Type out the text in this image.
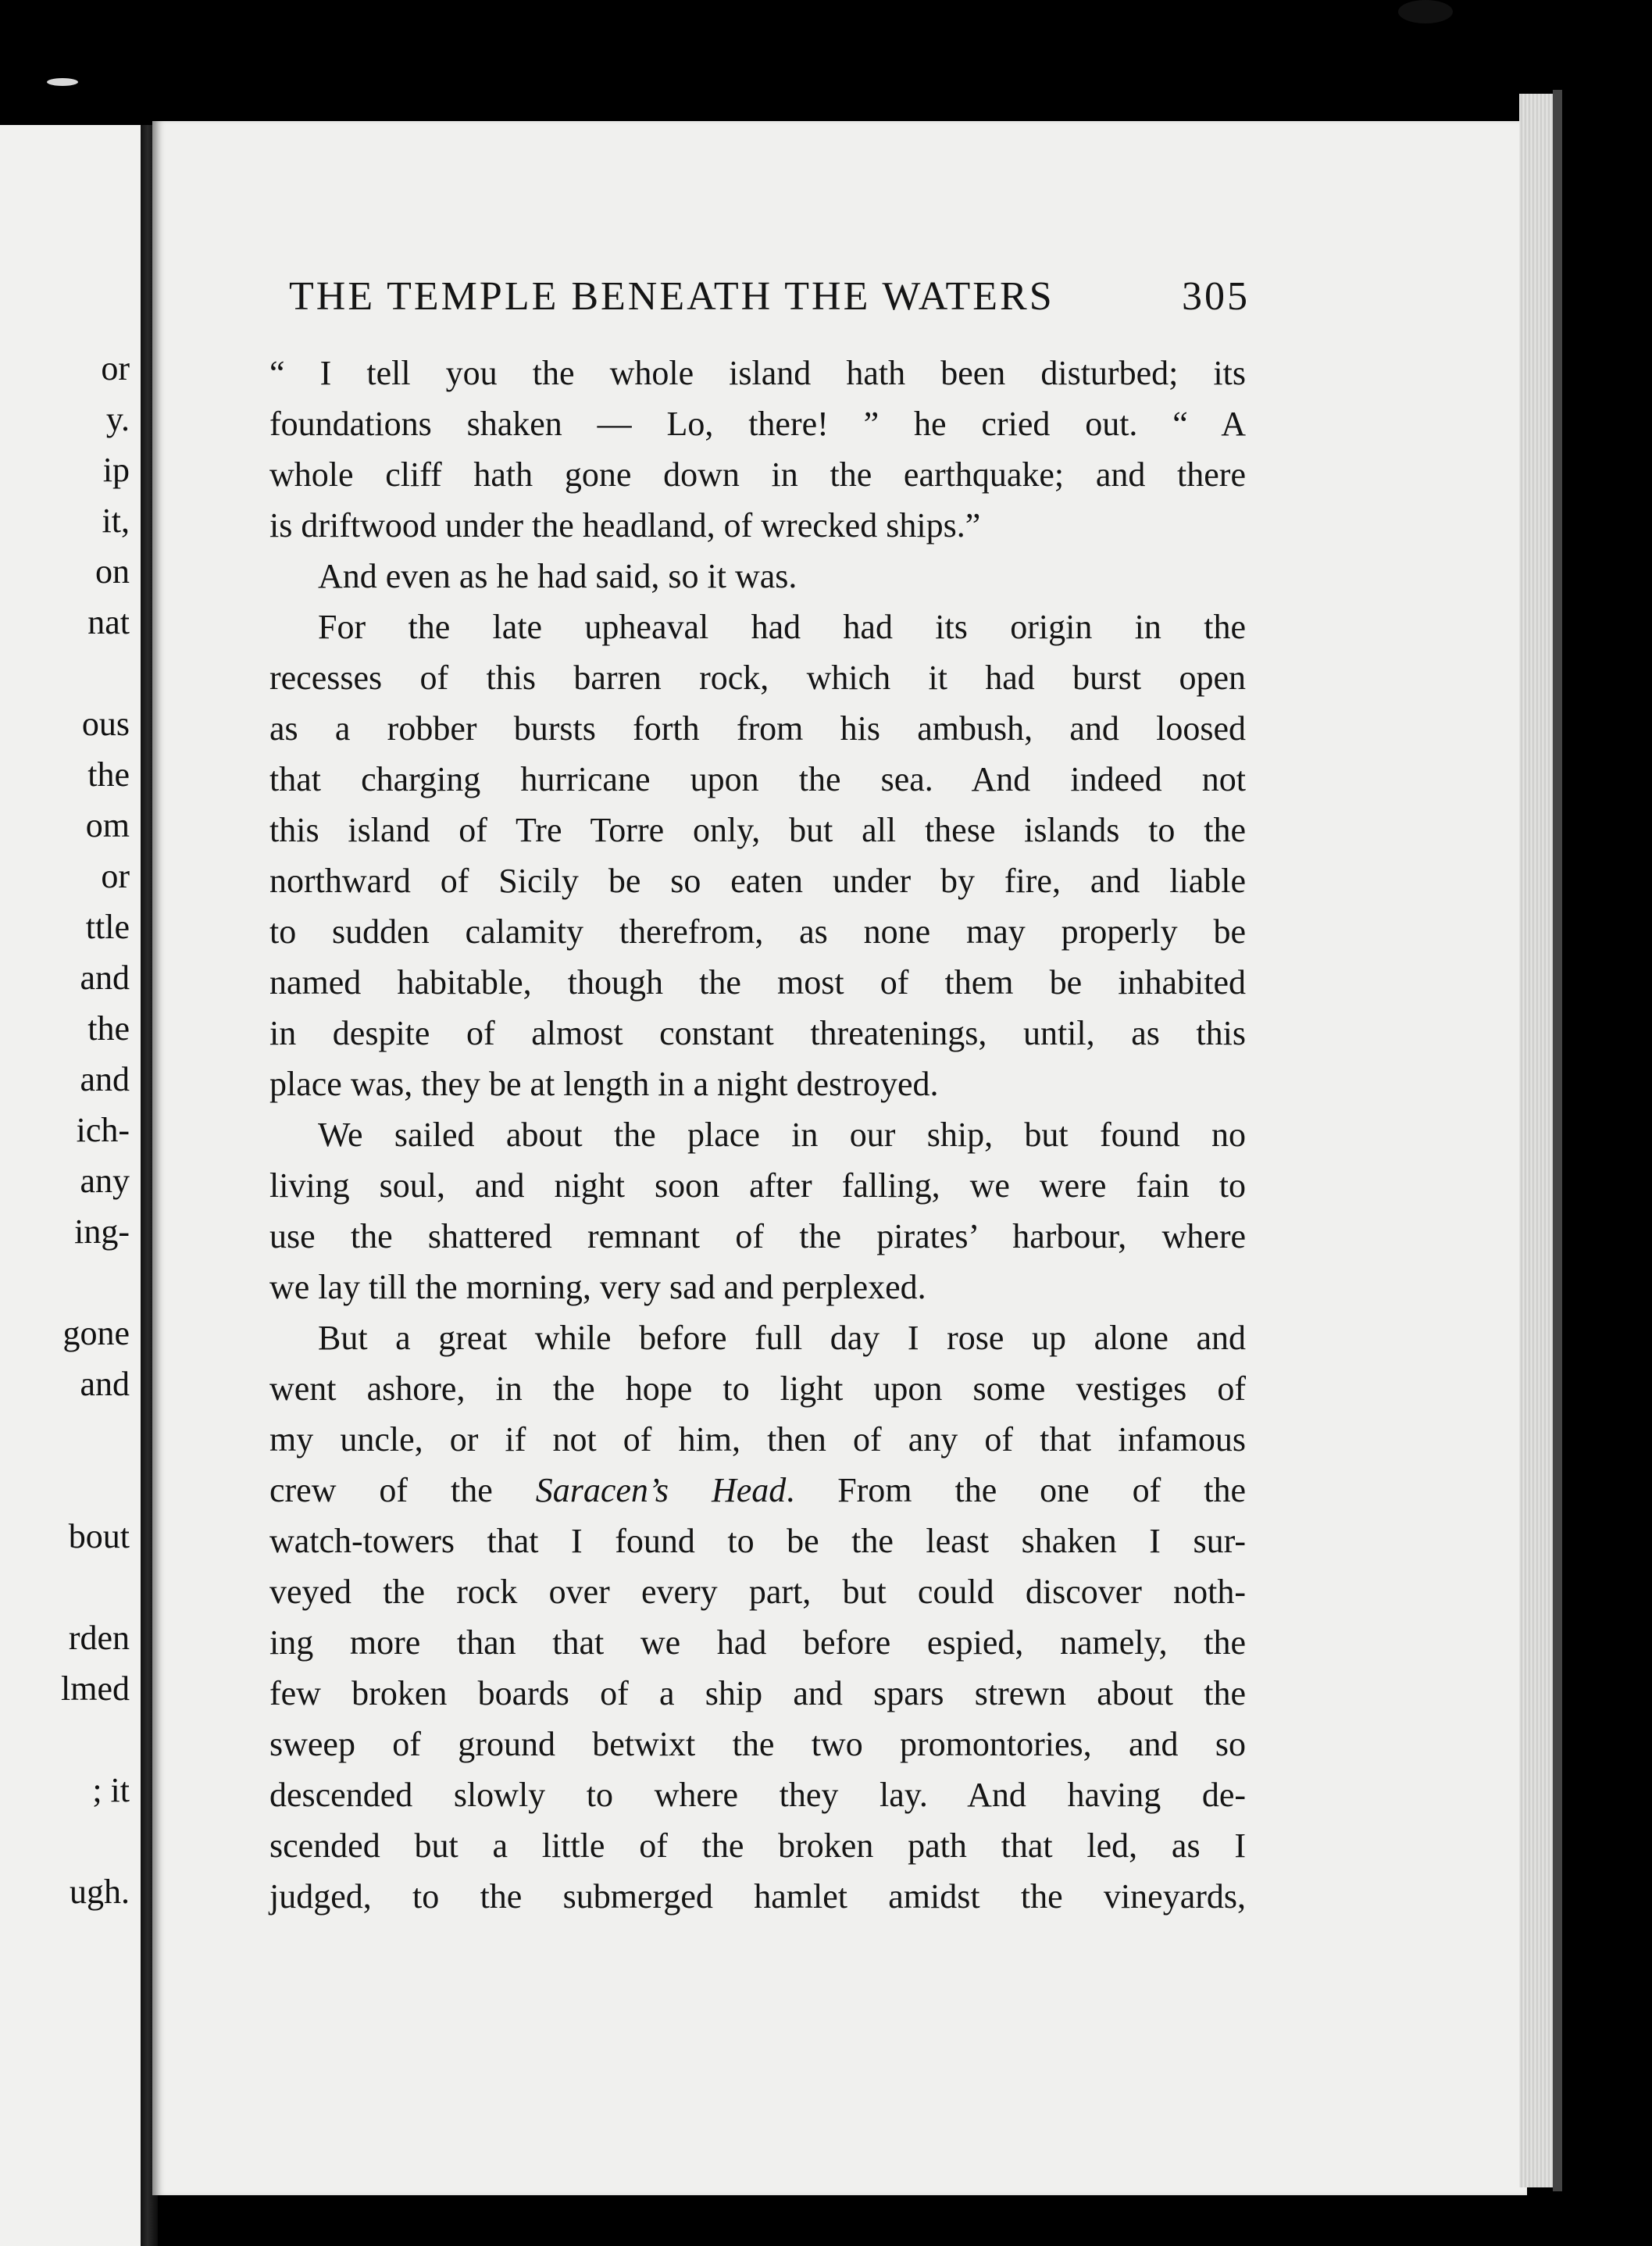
or
y.
ip
it,
on
nat
ous
the
om
or
ttle
and
the
and
ich-
any
ing-
gone
and
bout
rden
lmed
; it
ugh.
THE TEMPLE BENEATH THE WATERS	305
“ I tell you the whole island hath been disturbed; its
foundations shaken — Lo, there! ” he cried out. “ A
whole cliff hath gone down in the earthquake; and there
is driftwood under the headland, of wrecked ships.”
And even as he had said, so it was.
For the late upheaval had had its origin in the
recesses of this barren rock, which it had burst open
as a robber bursts forth from his ambush, and loosed
that charging hurricane upon the sea. And indeed not
this island of Tre Torre only, but all these islands to the
northward of Sicily be so eaten under by fire, and liable
to sudden calamity therefrom, as none may properly be
named habitable, though the most of them be inhabited
in despite of almost constant threatenings, until, as this
place was, they be at length in a night destroyed.
We sailed about the place in our ship, but found no
living soul, and night soon after falling, we were fain to
use the shattered remnant of the pirates’ harbour, where
we lay till the morning, very sad and perplexed.
But a great while before full day I rose up alone and
went ashore, in the hope to light upon some vestiges of
my uncle, or if not of him, then of any of that infamous
crew of the Saracen’s Head. From the one of the
watch-towers that I found to be the least shaken I sur-
veyed the rock over every part, but could discover noth-
ing more than that we had before espied, namely, the
few broken boards of a ship and spars strewn about the
sweep of ground betwixt the two promontories, and so
descended slowly to where they lay. And having de-
scended but a little of the broken path that led, as I
judged, to the submerged hamlet amidst the vineyards,
